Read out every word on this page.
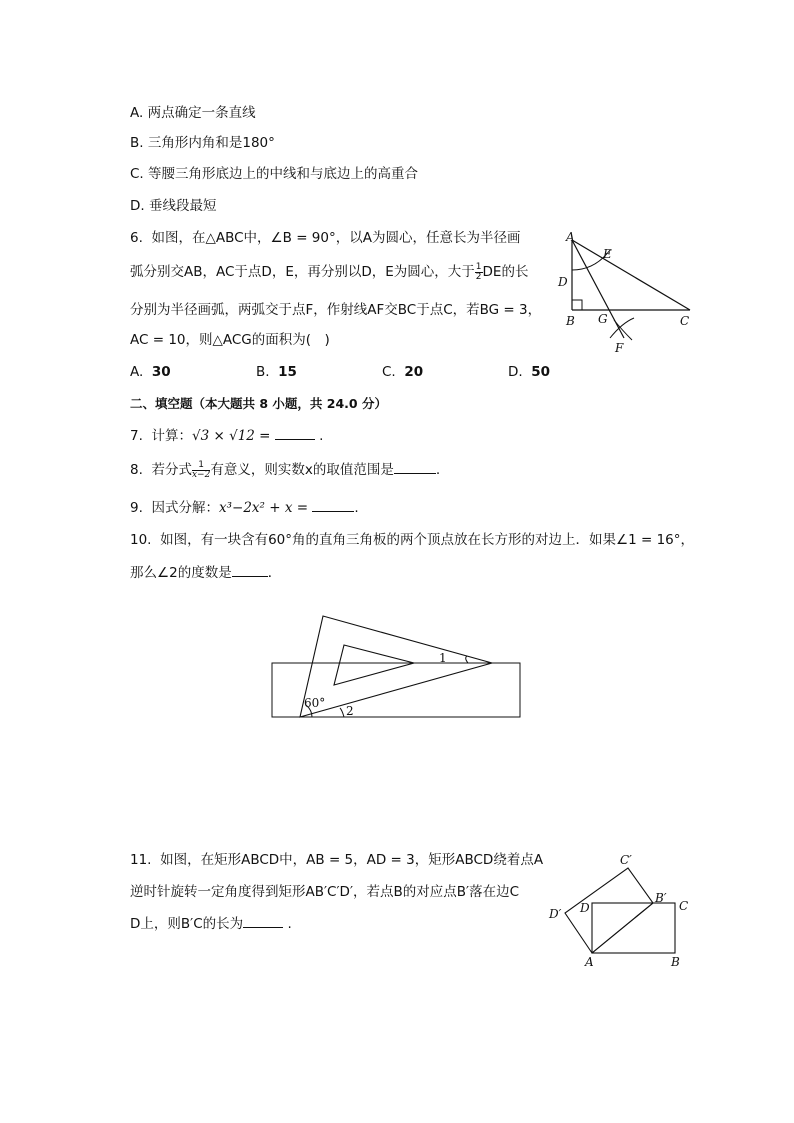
A. 两点确定一条直线
B. 三角形内角和是180°
C. 等腰三角形底边上的中线和与底边上的高重合
D. 垂线段最短
6. 如图，在△ABC中，∠B = 90°，以A为圆心，任意长为半径画
弧分别交AB，AC于点D，E，再分别以D，E为圆心，大于 $\frac{1}{2}$ DE的长
分别为半径画弧，两弧交于点F，作射线AF交BC于点C，若BG = 3，
AC = 10，则△ACG的面积为(　)
A. 30	B. 15	C. 20	D. 50
A
E
D
B G	C
F
二、填空题（本大题共 8 小题，共 24.0 分）
7. 计算：√3 × √12 =	.
8. 若分式 $\frac{1}{x-2}$ 有意义，则实数x的取值范围是	.
9. 因式分解：x³−2x² + x =	.
10. 如图，有一块含有60°角的直角三角板的两个顶点放在长方形的对边上．如果∠1 = 16°，
那么∠2的度数是	．
60°
1
2
11. 如图，在矩形ABCD中，AB = 5，AD = 3，矩形ABCD绕着点A
逆时针旋转一定角度得到矩形AB′C′D′，若点B的对应点B′落在边C
D上，则B′C的长为	.
C′
B′
C
D′ D
A	B
